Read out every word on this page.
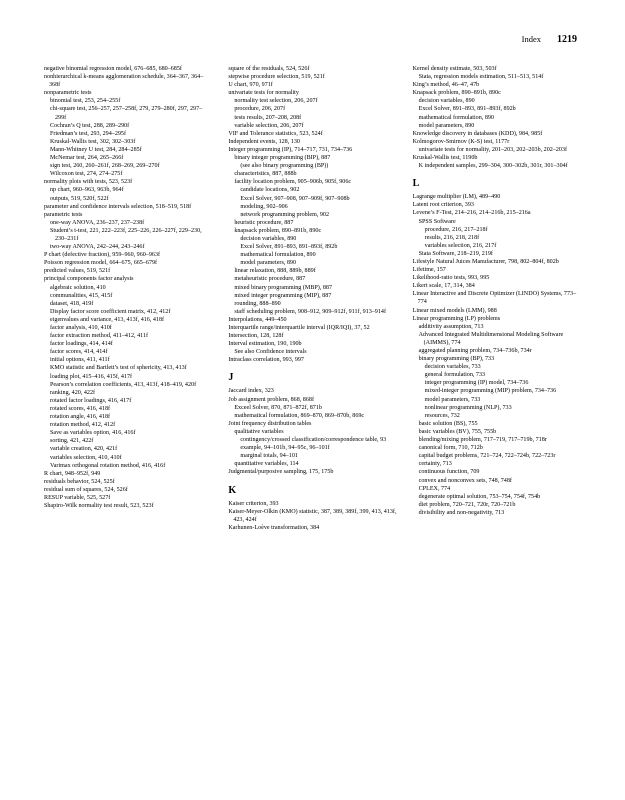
Index 1219
negative binomial regression model, 676–685, 680–685f
nonhierarchical k-means agglomeration schedule, 364–367, 364–368f
nonparametric tests
binomial test, 253, 254–255f
chi-square test, 256–257, 257–258f, 279, 279–280f, 297, 297–299f
Cochran’s Q test, 288, 289–290f
Friedman’s test, 293, 294–295f
Kruskal-Wallis test, 302, 302–303f
Mann-Whitney U test, 284, 284–285f
McNemar test, 264, 265–266f
sign test, 260, 260–261f, 268–269, 269–270f
Wilcoxon test, 274, 274–275f
normality plots with tests, 523, 523f
np chart, 960–963, 963b, 964f
outputs, 519, 520f, 522f
parameter and confidence intervals selection, 518–519, 518f
parametric tests
one-way ANOVA, 236–237, 237–238f
Student’s t-test, 221, 222–223f, 225–226, 226–227f, 229–230, 230–231f
two-way ANOVA, 242–244, 243–246f
P chart (defective fraction), 959–960, 960–963f
Poisson regression model, 664–675, 665–679f
predicted values, 519, 521f
principal components factor analysis
algebraic solution, 410
communalities, 415, 415f
dataset, 418, 419f
Display factor score coefficient matrix, 412, 412f
eigenvalues and variance, 413, 413f, 416, 418f
factor analysis, 410, 410f
factor extraction method, 411–412, 411f
factor loadings, 414, 414f
factor scores, 414, 414f
initial options, 411, 411f
KMO statistic and Bartlett’s test of sphericity, 413, 413f
loading plot, 415–416, 415f, 417f
Pearson’s correlation coefficients, 413, 413f, 418–419, 420f
ranking, 420, 422f
rotated factor loadings, 416, 417f
rotated scores, 416, 418f
rotation angle, 416, 418f
rotation method, 412, 412f
Save as variables option, 416, 416f
sorting, 421, 422f
variable creation, 420, 421f
variables selection, 410, 410f
Varimax orthogonal rotation method, 416, 416f
R chart, 948–952f, 949
residuals behavior, 524, 525f
residual sum of squares, 524, 526f
RESUP variable, 525, 527f
Shapiro-Wilk normality test result, 523, 523f
square of the residuals, 524, 526f
stepwise procedure selection, 519, 521f
U chart, 970, 971f
univariate tests for normality
normality test selection, 206, 207f
procedure, 206, 207f
tests results, 207–208, 208f
variable selection, 206, 207f
VIF and Tolerance statistics, 523, 524f
Independent events, 128, 130
Integer programming (IP), 714–717, 731, 734–736
binary integer programming (BIP), 887
(see also binary programming (BP))
characteristics, 887, 888b
facility location problem, 905–906b, 905f, 906c
candidate locations, 902
Excel Solver, 907–908, 907–909f, 907–908b
modeling, 902–906
network programming problem, 902
heuristic procedure, 887
knapsack problem, 890–891b, 890c
decision variables, 890
Excel Solver, 891–893, 891–893f, 892b
mathematical formulation, 890
model parameters, 890
linear relaxation, 888, 889b, 889f
metaheuristic procedure, 887
mixed binary programming (MBP), 887
mixed integer programming (MIP), 887
rounding, 888–890
staff scheduling problem, 908–912, 909–912f, 911f, 913–914f
Interpolations, 449–450
Interquartile range/interquartile interval (IQR/IQI), 37, 52
Intersection, 128, 128f
Interval estimation, 190, 190b
See also Confidence intervals
Intraclass correlation, 993, 997
J
Jaccard index, 323
Job assignment problem, 868, 868f
Exceel Solver, 870, 871–872f, 871b
mathematical formulation, 869–870, 869–870b, 869c
Joint frequency distribution tables
qualitative variables
contingency/crossed classification/correspondence table, 93
example, 94–101b, 94–95c, 96–101f
marginal totals, 94–101
quantitative variables, 114
Judgmental/purposive sampling, 175, 175b
K
Kaiser criterion, 393
Kaiser-Meyer-Olkin (KMO) statistic, 387, 389, 389f, 399, 413, 413f, 423, 424f
Karhunen-Loève transformation, 384
Kernel density estimate, 503, 503f
Stata, regression models estimation, 511–513, 514f
King’s method, 46–47, 47b
Knapsack problem, 890–891b, 890c
decision variables, 890
Excel Solver, 891–893, 891–893f, 892b
mathematical formulation, 890
model parameters, 890
Knowledge discovery in databases (KDD), 984, 985f
Kolmogorov-Smirnov (K-S) test, 1177r
univariate tests for normality, 201–203, 202–203b, 202–203f
Kruskal-Wallis test, 1190b
K independent samples, 299–304, 300–302b, 301r, 301–304f
L
Lagrange multiplier (LM), 489–490
Latent root criterion, 393
Levene’s F-Test, 214–216, 214–216b, 215–216a
SPSS Software
procedure, 216, 217–218f
results, 216, 218, 218f
variables selection, 216, 217f
Stata Software, 218–219, 219f
Lifestyle Natural Juices Manufacturer, 798, 802–804f, 802b
Lifetime, 157
Likelihood-ratio tests, 993, 995
Likert scale, 17, 314, 384
Linear Interactive and Discrete Optimizer (LINDO) Systems, 773–774
Linear mixed models (LMM), 988
Linear programming (LP) problems
additivity assumption, 713
Advanced Integrated Multidimensional Modeling Software (AIMMS), 774
aggregated planning problem, 734–736b, 734r
binary programming (BP), 733
decision variables, 733
general formulation, 733
integer programming (IP) model, 734–736
mixed-integer programming (MIP) problem, 734–736
model parameters, 733
nonlinear programming (NLP), 733
resources, 732
basic solution (BS), 755
basic variables (BV), 755, 755b
blending/mixing problem, 717–719, 717–719b, 718r
canonical form, 710, 712b
capital budget problems, 721–724, 722–724b, 722–723r
certainty, 713
continuous function, 709
convex and nonconvex sets, 748, 748f
CPLEX, 774
degenerate optimal solution, 753–754, 754f, 754b
diet problem, 720–721, 720r, 720–721b
divisibility and non-negativity, 713
